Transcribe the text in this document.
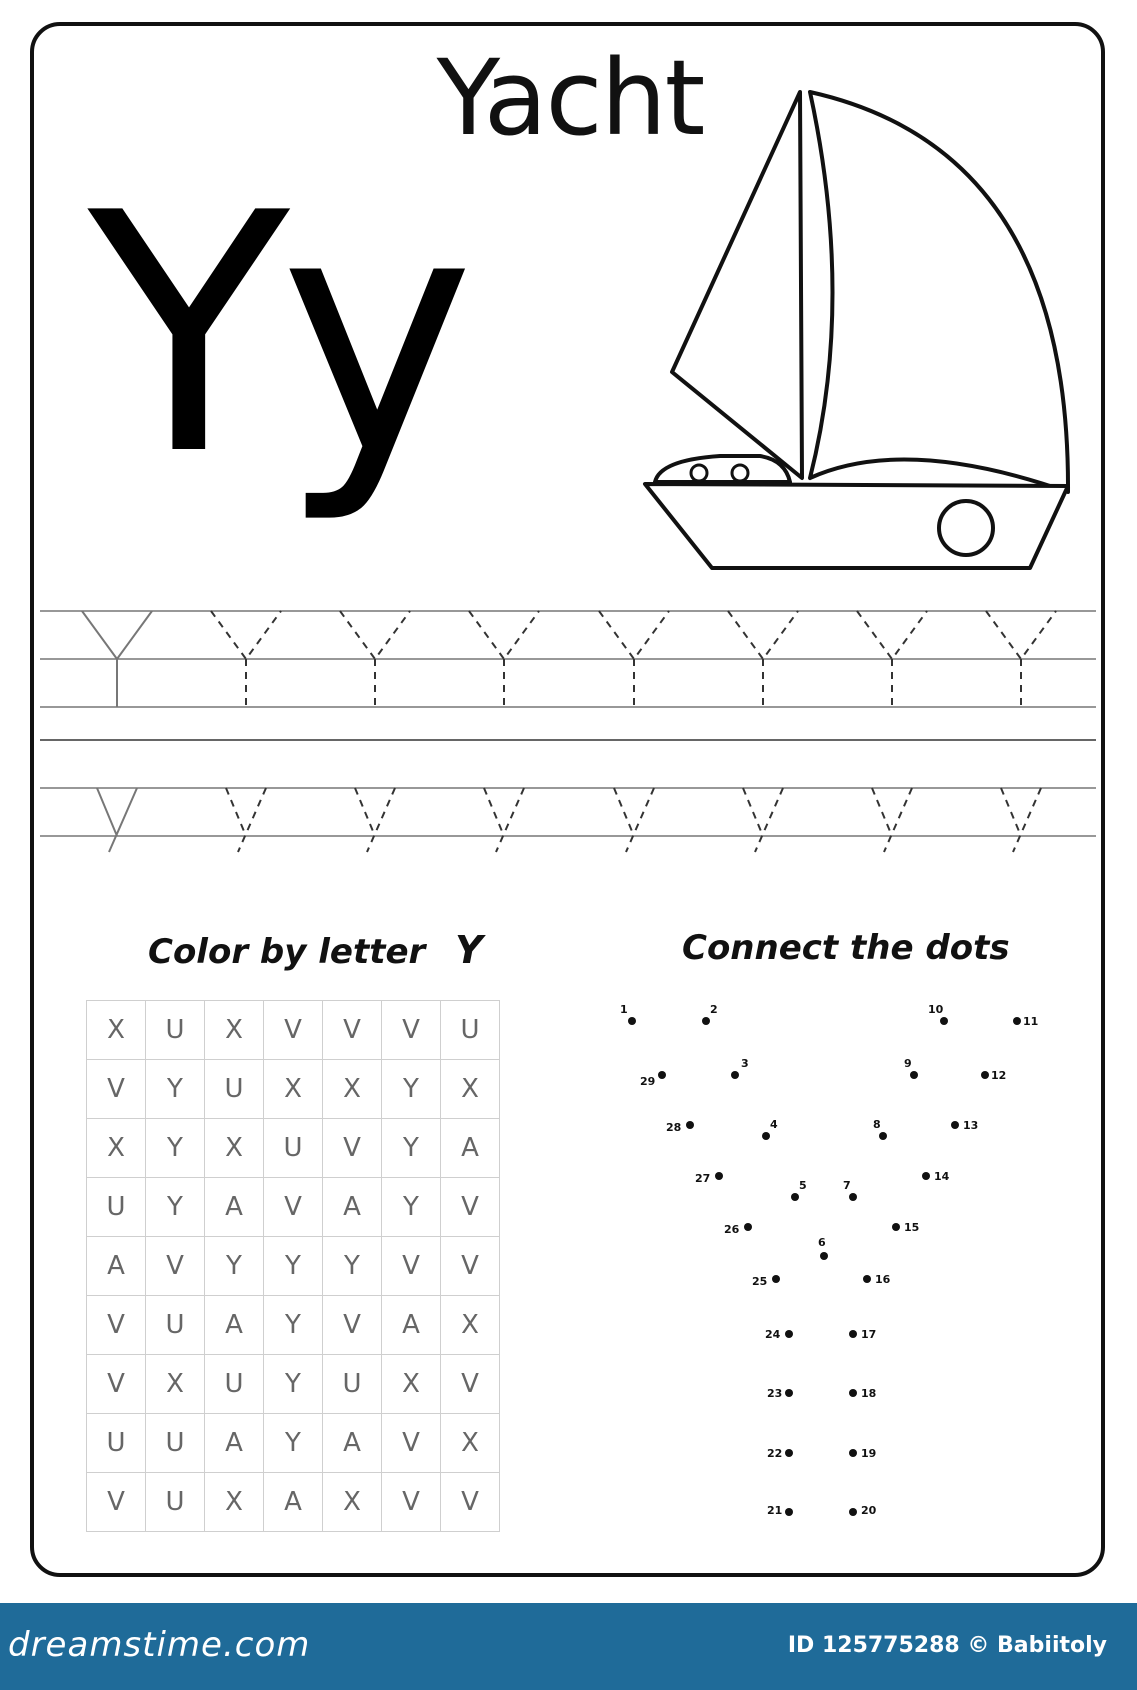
Yacht
Yy
Color by letter Y
X	U	X	V	V	V	U
V	Y	U	X	X	Y	X
X	Y	X	U	V	Y	A
U	Y	A	V	A	Y	V
A	V	Y	Y	Y	V	V
V	U	A	Y	V	A	X
V	X	U	Y	U	X	V
U	U	A	Y	A	V	X
V	U	X	A	X	V	V
Connect the dots
1	2
3
4
5
6
7
8
9
10
11
12
13
14
15
16
17
18
19
20
21
22
23
24
25
26
27
28
29
dreamstime.com	ID 125775288 © Babiitoly
